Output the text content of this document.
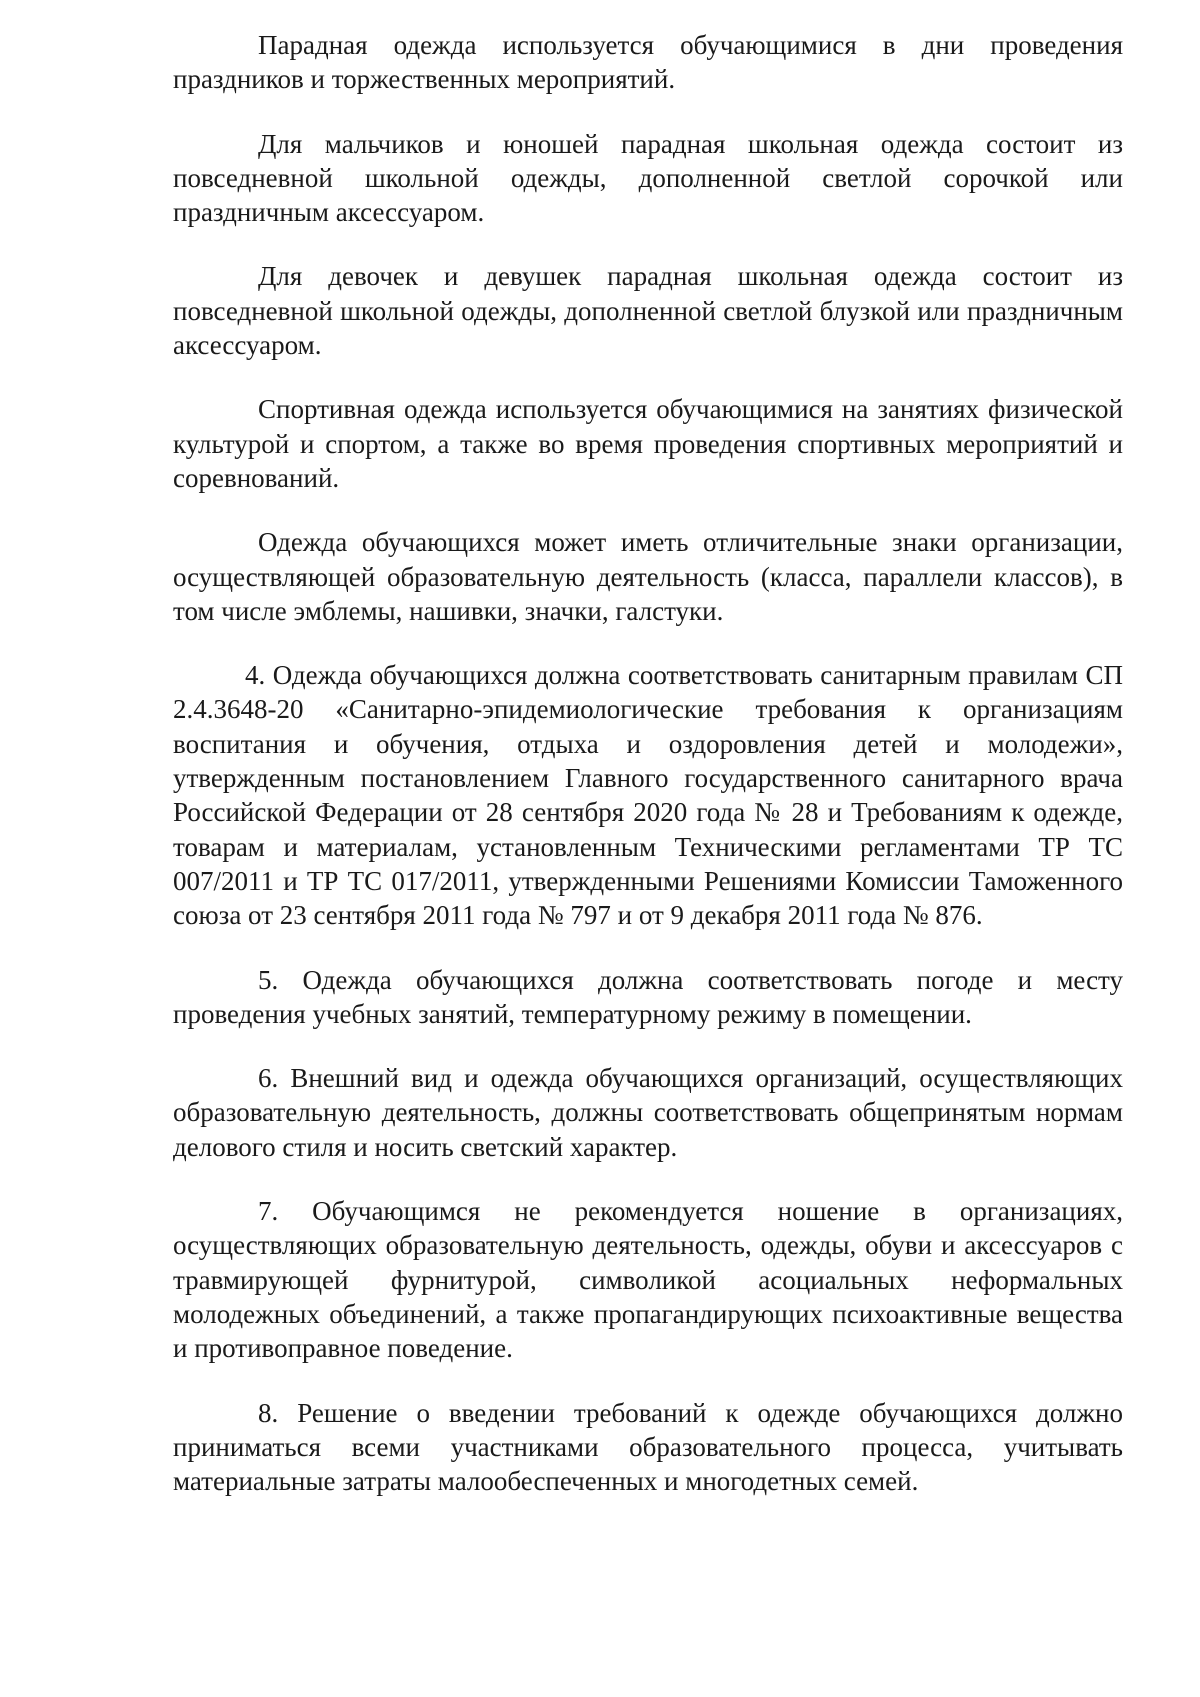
Парадная одежда используется обучающимися в дни проведения праздников и торжественных мероприятий.

Для мальчиков и юношей парадная школьная одежда состоит из повседневной школьной одежды, дополненной светлой сорочкой или праздничным аксессуаром.

Для девочек и девушек парадная школьная одежда состоит из повседневной школьной одежды, дополненной светлой блузкой или праздничным аксессуаром.

Спортивная одежда используется обучающимися на занятиях физической культурой и спортом, а также во время проведения спортивных мероприятий и соревнований.

Одежда обучающихся может иметь отличительные знаки организации, осуществляющей образовательную деятельность (класса, параллели классов), в том числе эмблемы, нашивки, значки, галстуки.

4. Одежда обучающихся должна соответствовать санитарным правилам СП 2.4.3648-20 «Санитарно-эпидемиологические требования к организациям воспитания и обучения, отдыха и оздоровления детей и молодежи», утвержденным постановлением Главного государственного санитарного врача Российской Федерации от 28 сентября 2020 года № 28 и Требованиям к одежде, товарам и материалам, установленным Техническими регламентами ТР ТС 007/2011 и ТР ТС 017/2011, утвержденными Решениями Комиссии Таможенного союза от 23 сентября 2011 года № 797 и от 9 декабря 2011 года № 876.

5. Одежда обучающихся должна соответствовать погоде и месту проведения учебных занятий, температурному режиму в помещении.

6. Внешний вид и одежда обучающихся организаций, осуществляющих образовательную деятельность, должны соответствовать общепринятым нормам делового стиля и носить светский характер.

7. Обучающимся не рекомендуется ношение в организациях, осуществляющих образовательную деятельность, одежды, обуви и аксессуаров с травмирующей фурнитурой, символикой асоциальных неформальных молодежных объединений, а также пропагандирующих психоактивные вещества и противоправное поведение.

8. Решение о введении требований к одежде обучающихся должно приниматься всеми участниками образовательного процесса, учитывать материальные затраты малообеспеченных и многодетных семей.
